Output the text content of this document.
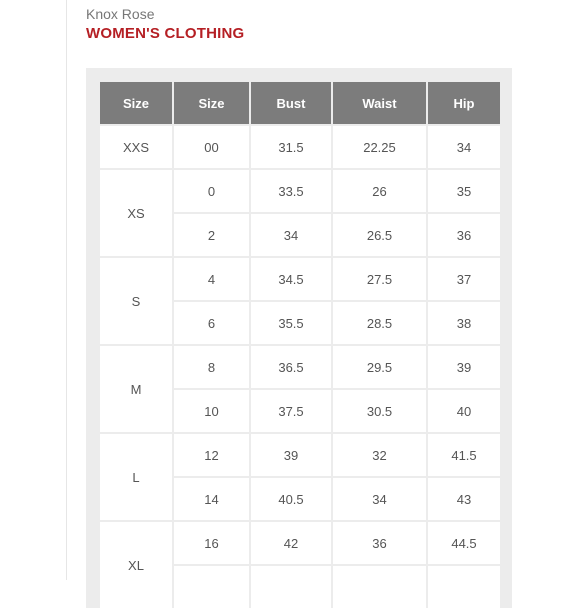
Knox Rose
WOMEN'S CLOTHING
Size	Size	Bust	Waist	Hip
XXS	00	31.5	22.25	34
XS	0	33.5	26	35
	2	34	26.5	36
S	4	34.5	27.5	37
	6	35.5	28.5	38
M	8	36.5	29.5	39
	10	37.5	30.5	40
L	12	39	32	41.5
	14	40.5	34	43
XL	16	42	36	44.5
